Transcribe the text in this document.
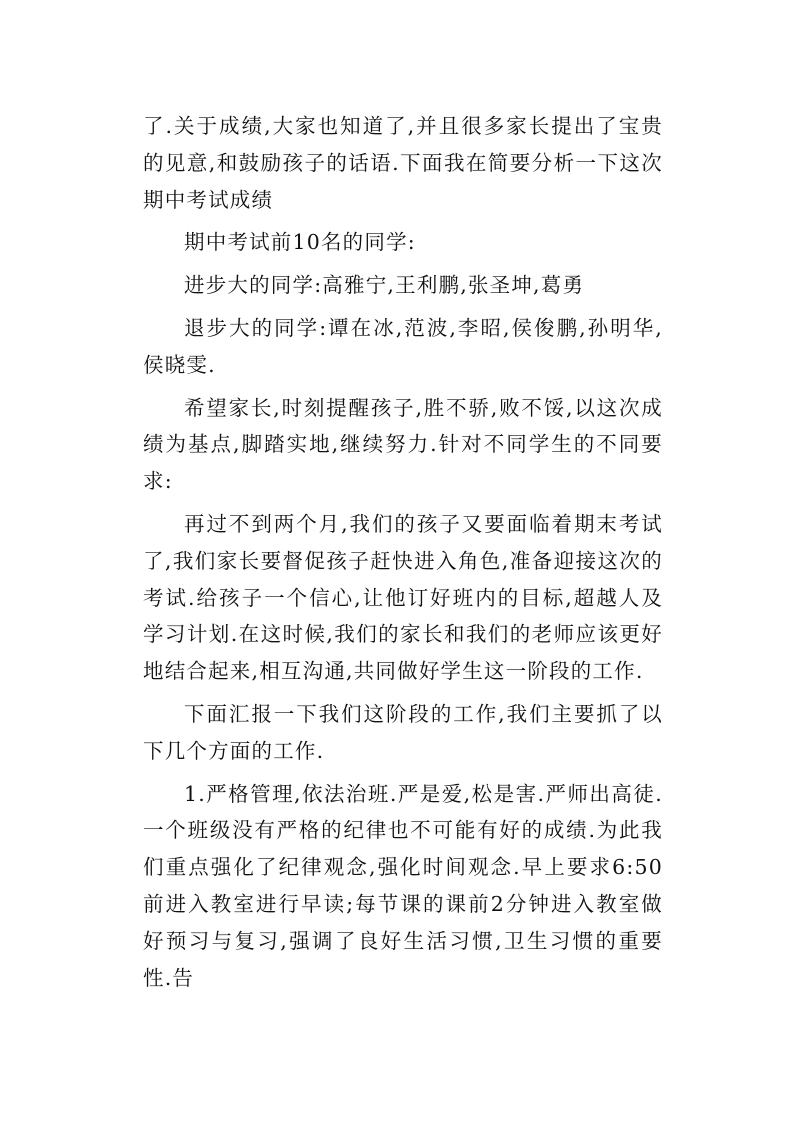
了.关于成绩,大家也知道了,并且很多家长提出了宝贵的见意,和鼓励孩子的话语.下面我在简要分析一下这次期中考试成绩

期中考试前10名的同学:

进步大的同学:高雅宁,王利鹏,张圣坤,葛勇

退步大的同学:谭在冰,范波,李昭,侯俊鹏,孙明华,侯晓雯.

希望家长,时刻提醒孩子,胜不骄,败不馁,以这次成绩为基点,脚踏实地,继续努力.针对不同学生的不同要求:

再过不到两个月,我们的孩子又要面临着期末考试了,我们家长要督促孩子赶快进入角色,准备迎接这次的考试.给孩子一个信心,让他订好班内的目标,超越人及学习计划.在这时候,我们的家长和我们的老师应该更好地结合起来,相互沟通,共同做好学生这一阶段的工作.

下面汇报一下我们这阶段的工作,我们主要抓了以下几个方面的工作.

1.严格管理,依法治班.严是爱,松是害.严师出高徒.一个班级没有严格的纪律也不可能有好的成绩.为此我们重点强化了纪律观念,强化时间观念.早上要求6:50前进入教室进行早读;每节课的课前2分钟进入教室做好预习与复习,强调了良好生活习惯,卫生习惯的重要性.告
